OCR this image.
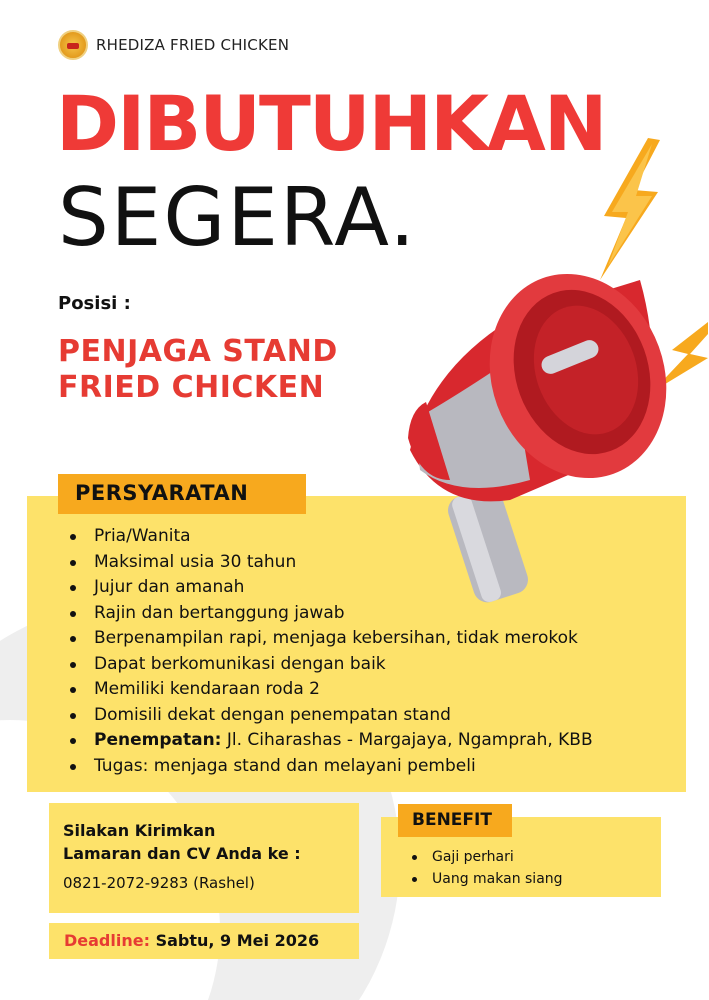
RHEDIZA FRIED CHICKEN
DIBUTUHKAN
SEGERA.
Posisi :
PENJAGA STAND
FRIED CHICKEN
PERSYARATAN
Pria/Wanita
Maksimal usia 30 tahun
Jujur dan amanah
Rajin dan bertanggung jawab
Berpenampilan rapi, menjaga kebersihan, tidak merokok
Dapat berkomunikasi dengan baik
Memiliki kendaraan roda 2
Domisili dekat dengan penempatan stand
Penempatan: Jl. Ciharashas - Margajaya, Ngamprah, KBB
Tugas: menjaga stand dan melayani pembeli
Silakan Kirimkan
Lamaran dan CV Anda ke :
0821-2072-9283 (Rashel)
BENEFIT
Gaji perhari
Uang makan siang
Deadline: Sabtu, 9 Mei 2026
